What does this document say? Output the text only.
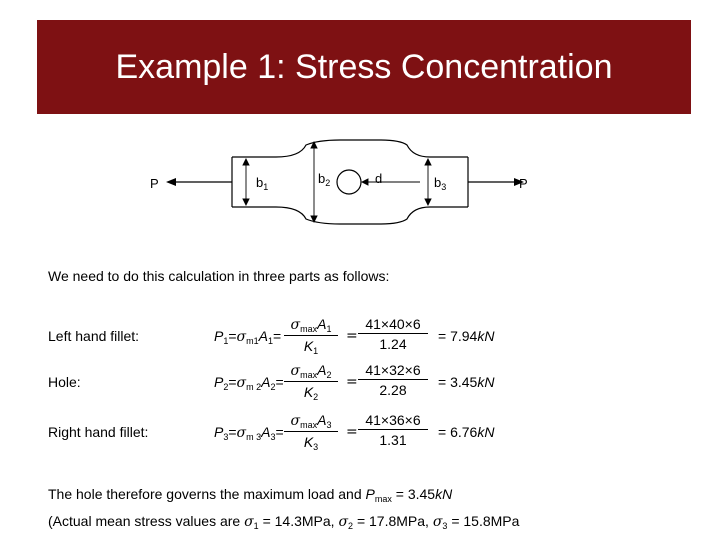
Example 1: Stress Concentration
P	P
$b_1$
$b_2$	$b_3$
d
We need to do this calculation in three parts as follows:
Left hand fillet:	$P_1=\sigma_{m1}A_1=$
$\sigma_{max}A_1$
$K_1$
=
41×40×6
1.24	= 7.94kN
Hole:	$P_2=\sigma_{m 2}A_2=$
$\sigma_{max}A_2$
$K_2$
=
41×32×6
2.28	= 3.45kN
Right hand fillet:	$P_3=\sigma_{m 3}A_3=$
$\sigma_{max}A_3$
$K_3$
=
41×36×6
1.31	= 6.76kN
The hole therefore governs the maximum load and $P_{max} = 3.45kN$
(Actual mean stress values are $\sigma_1 = 14.3MPa$, $\sigma_2 = 17.8MPa$, $\sigma_3 = 15.8MPa$
